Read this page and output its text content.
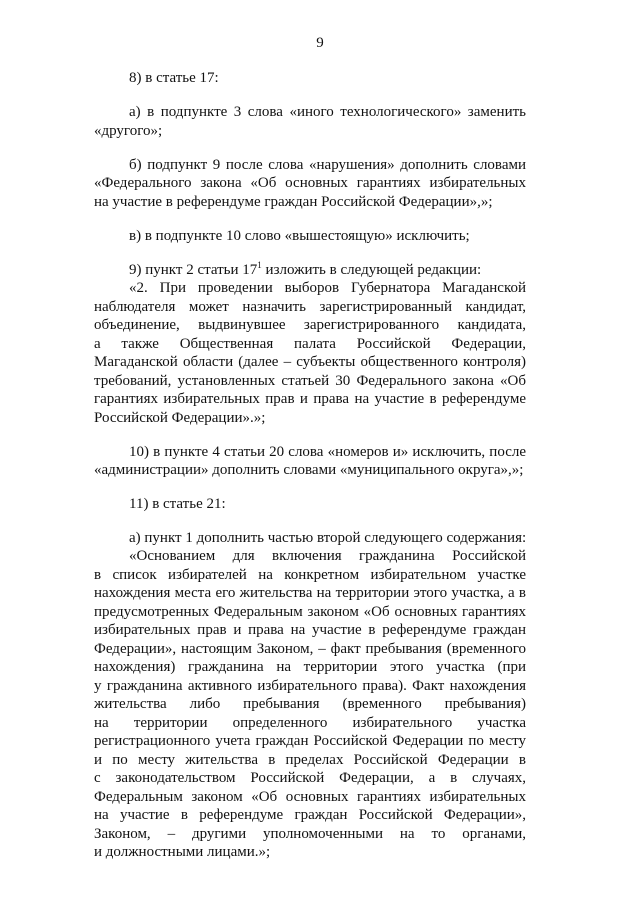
9
8) в статье 17:
а) в подпункте 3 слова «иного технологического» заменить
«другого»;
б) подпункт 9 после слова «нарушения» дополнить словами
«Федерального закона «Об основных гарантиях избирательных
на участие в референдуме граждан Российской Федерации»,»;
в) в подпункте 10 слово «вышестоящую» исключить;
9) пункт 2 статьи $17^1$ изложить в следующей редакции:
«2. При проведении выборов Губернатора Магаданской
наблюдателя может назначить зарегистрированный кандидат,
объединение, выдвинувшее зарегистрированного кандидата,
а также Общественная палата Российской Федерации,
Магаданской области (далее – субъекты общественного контроля)
требований, установленных статьей 30 Федерального закона «Об
гарантиях избирательных прав и права на участие в референдуме
Российской Федерации».»;
10) в пункте 4 статьи 20 слова «номеров и» исключить, после
«администрации» дополнить словами «муниципального округа»,»;
11) в статье 21:
а) пункт 1 дополнить частью второй следующего содержания:
«Основанием для включения гражданина Российской
в список избирателей на конкретном избирательном участке
нахождения места его жительства на территории этого участка, а в
предусмотренных Федеральным законом «Об основных гарантиях
избирательных прав и права на участие в референдуме граждан
Федерации», настоящим Законом, – факт пребывания (временного
нахождения) гражданина на территории этого участка (при
у гражданина активного избирательного права). Факт нахождения
жительства либо пребывания (временного пребывания)
на территории определенного избирательного участка
регистрационного учета граждан Российской Федерации по месту
и по месту жительства в пределах Российской Федерации в
с законодательством Российской Федерации, а в случаях,
Федеральным законом «Об основных гарантиях избирательных
на участие в референдуме граждан Российской Федерации»,
Законом, – другими уполномоченными на то органами,
и должностными лицами.»;
